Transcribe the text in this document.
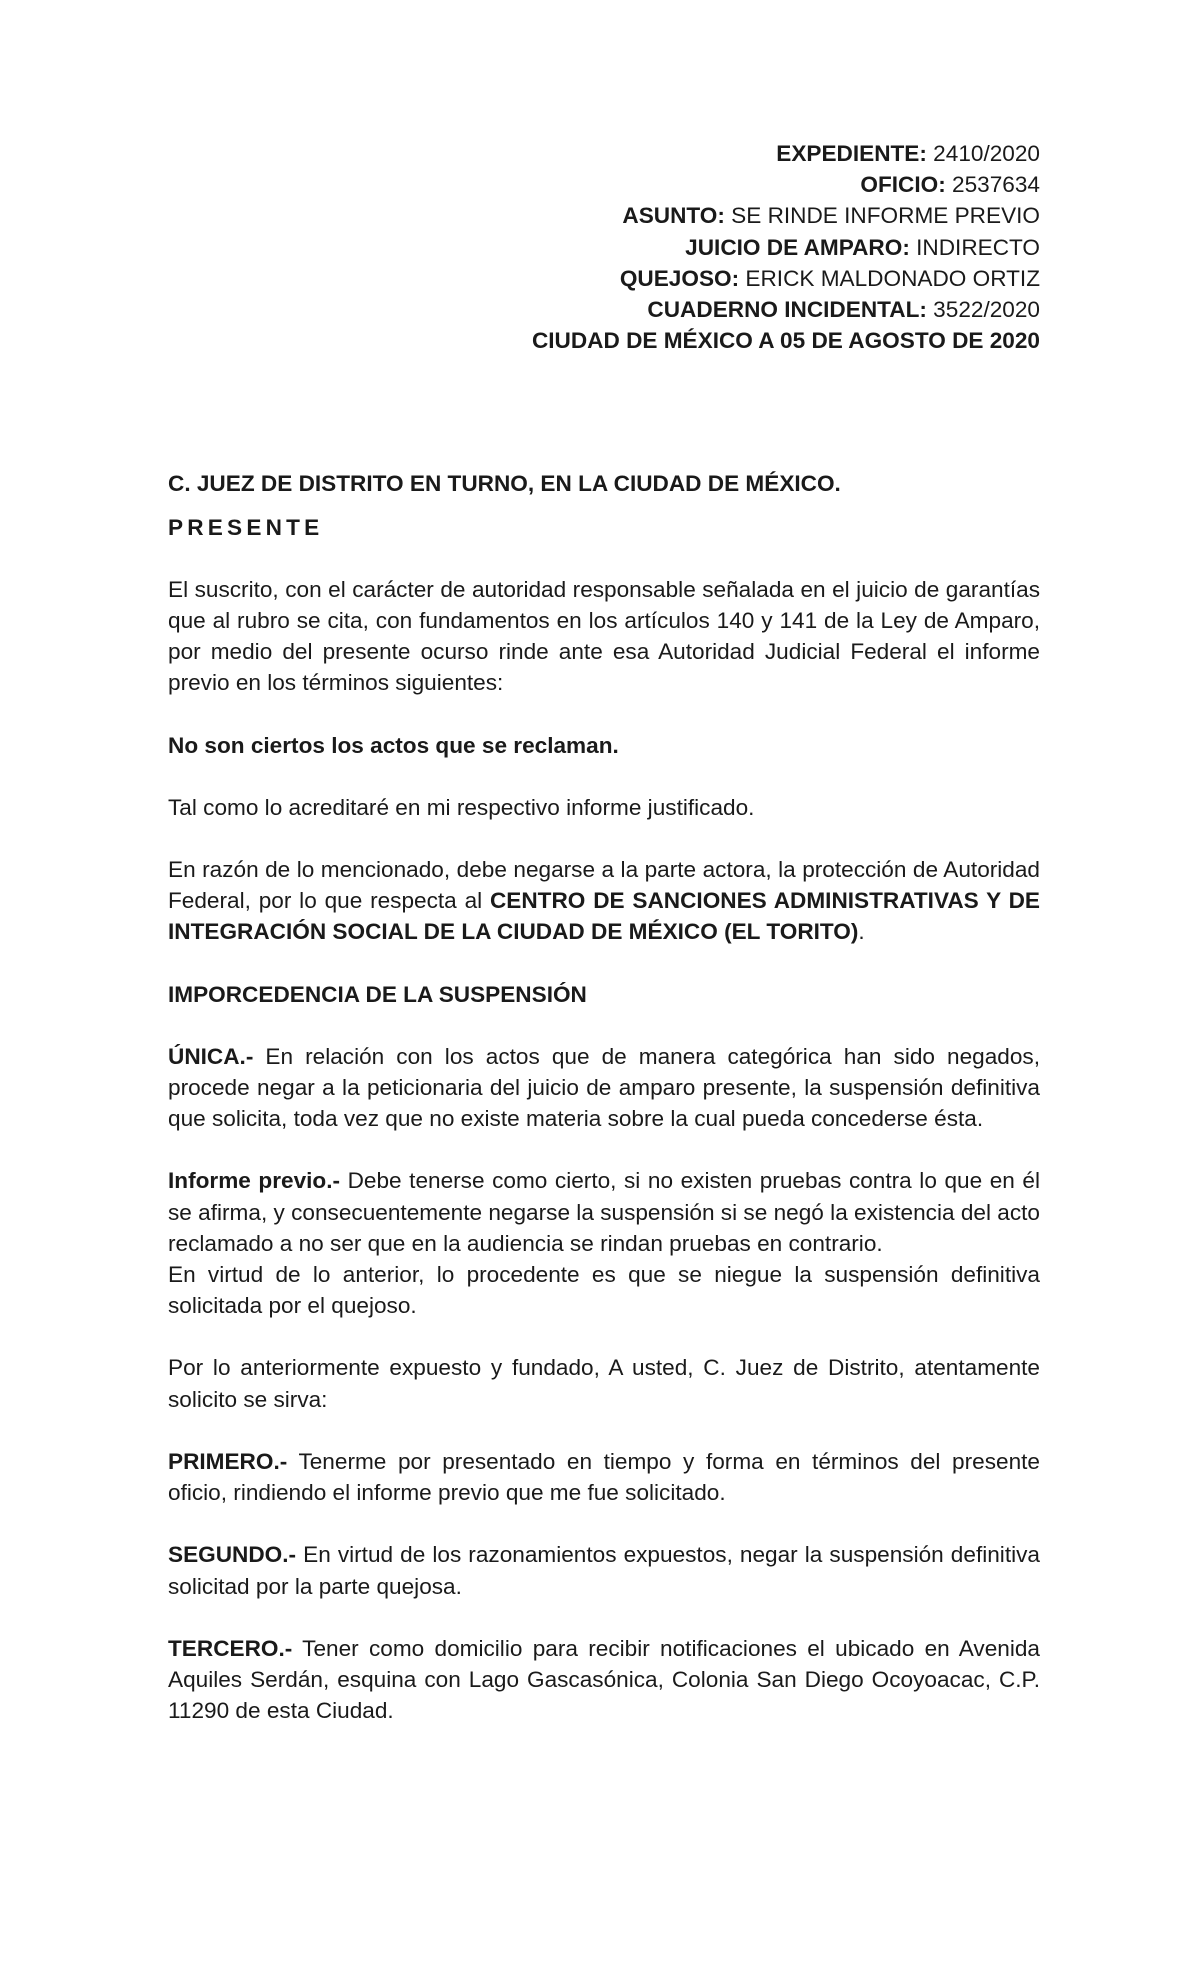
EXPEDIENTE: 2410/2020
OFICIO: 2537634
ASUNTO: SE RINDE INFORME PREVIO
JUICIO DE AMPARO: INDIRECTO
QUEJOSO: ERICK MALDONADO ORTIZ
CUADERNO INCIDENTAL: 3522/2020
CIUDAD DE MÉXICO A 05 DE AGOSTO DE 2020
C. JUEZ DE DISTRITO EN TURNO, EN LA CIUDAD DE MÉXICO.
PRESENTE

El suscrito, con el carácter de autoridad responsable señalada en el juicio de garantías que al rubro se cita, con fundamentos en los artículos 140 y 141 de la Ley de Amparo, por medio del presente ocurso rinde ante esa Autoridad Judicial Federal el informe previo en los términos siguientes:

No son ciertos los actos que se reclaman.

Tal como lo acreditaré en mi respectivo informe justificado.

En razón de lo mencionado, debe negarse a la parte actora, la protección de Autoridad Federal, por lo que respecta al CENTRO DE SANCIONES ADMINISTRATIVAS Y DE INTEGRACIÓN SOCIAL DE LA CIUDAD DE MÉXICO (EL TORITO).

IMPORCEDENCIA DE LA SUSPENSIÓN

ÚNICA.- En relación con los actos que de manera categórica han sido negados, procede negar a la peticionaria del juicio de amparo presente, la suspensión definitiva que solicita, toda vez que no existe materia sobre la cual pueda concederse ésta.

Informe previo.- Debe tenerse como cierto, si no existen pruebas contra lo que en él se afirma, y consecuentemente negarse la suspensión si se negó la existencia del acto reclamado a no ser que en la audiencia se rindan pruebas en contrario.

En virtud de lo anterior, lo procedente es que se niegue la suspensión definitiva solicitada por el quejoso.

Por lo anteriormente expuesto y fundado, A usted, C. Juez de Distrito, atentamente solicito se sirva:

PRIMERO.- Tenerme por presentado en tiempo y forma en términos del presente oficio, rindiendo el informe previo que me fue solicitado.

SEGUNDO.- En virtud de los razonamientos expuestos, negar la suspensión definitiva solicitad por la parte quejosa.

TERCERO.- Tener como domicilio para recibir notificaciones el ubicado en Avenida Aquiles Serdán, esquina con Lago Gascasónica, Colonia San Diego Ocoyoacac, C.P. 11290 de esta Ciudad.
